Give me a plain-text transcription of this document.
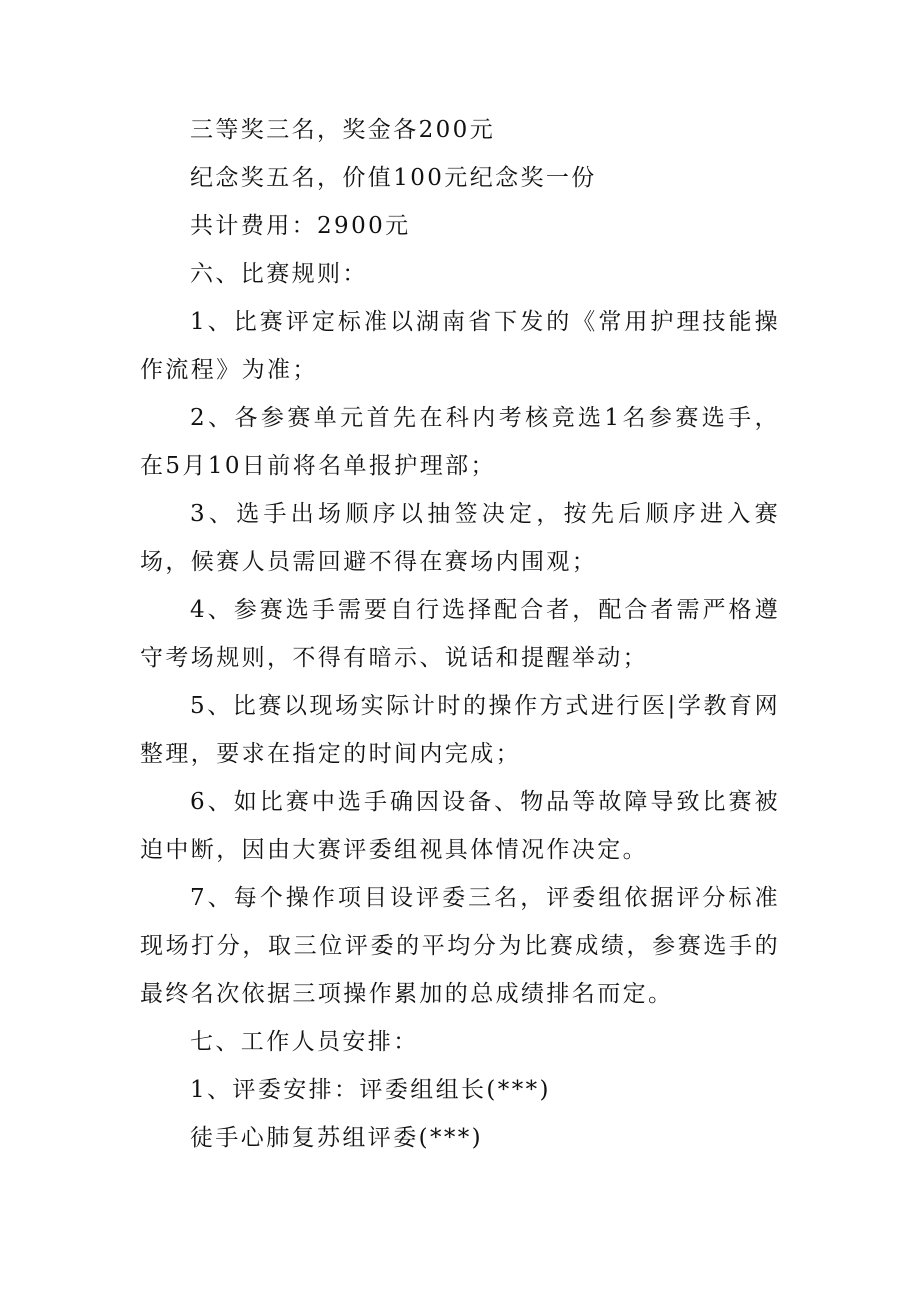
三等奖三名，奖金各200元

纪念奖五名，价值100元纪念奖一份

共计费用：2900元

六、比赛规则：

1、比赛评定标准以湖南省下发的《常用护理技能操作流程》为准；

2、各参赛单元首先在科内考核竞选1名参赛选手，在5月10日前将名单报护理部；

3、选手出场顺序以抽签决定，按先后顺序进入赛场，候赛人员需回避不得在赛场内围观；

4、参赛选手需要自行选择配合者，配合者需严格遵守考场规则，不得有暗示、说话和提醒举动；

5、比赛以现场实际计时的操作方式进行医|学教育网整理，要求在指定的时间内完成；

6、如比赛中选手确因设备、物品等故障导致比赛被迫中断，因由大赛评委组视具体情况作决定。

7、每个操作项目设评委三名，评委组依据评分标准现场打分，取三位评委的平均分为比赛成绩，参赛选手的最终名次依据三项操作累加的总成绩排名而定。

七、工作人员安排：

1、评委安排：评委组组长(***)

徒手心肺复苏组评委(***)
